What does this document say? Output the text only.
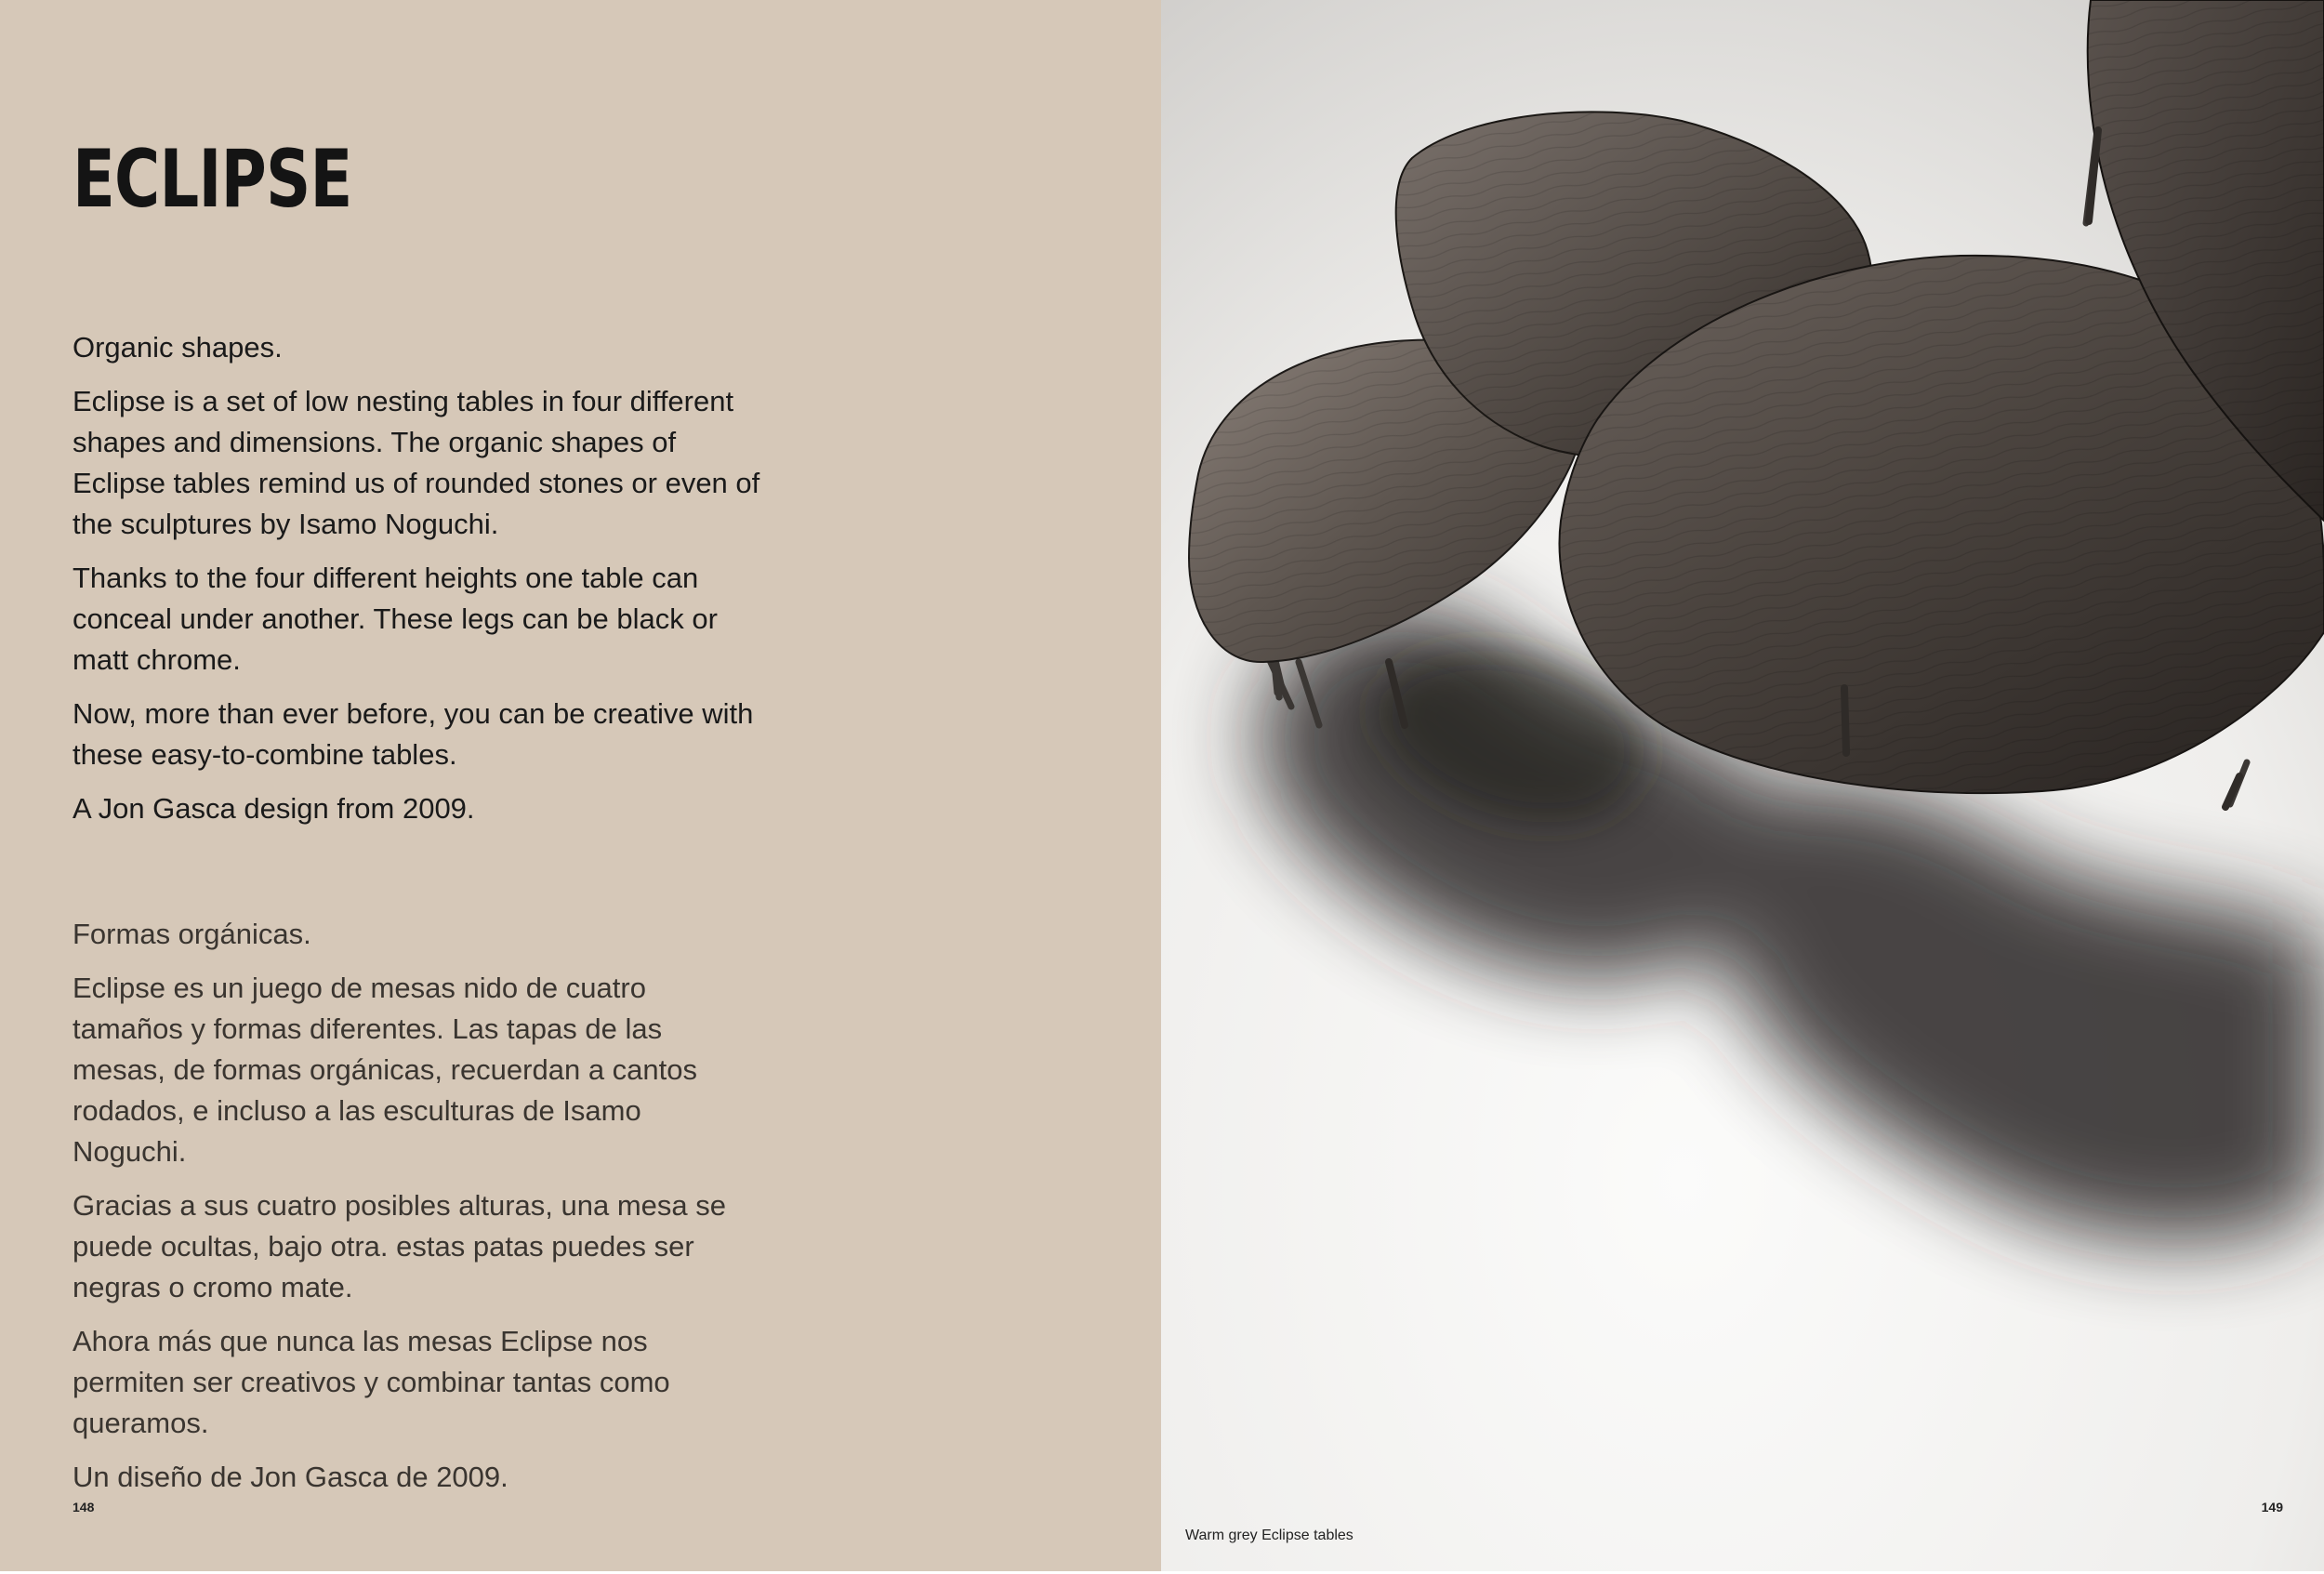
ECLIPSE

Organic shapes.

Eclipse is a set of low nesting tables in four different shapes and dimensions. The organic shapes of Eclipse tables remind us of rounded stones or even of the sculptures by Isamo Noguchi.

Thanks to the four different heights one table can conceal under another. These legs can be black or matt chrome.

Now, more than ever before, you can be creative with these easy-to-combine tables.

A Jon Gasca design from 2009.

Formas orgánicas.

Eclipse es un juego de mesas nido de cuatro tamaños y formas diferentes. Las tapas de las mesas, de formas orgánicas, recuerdan a cantos rodados, e incluso a las esculturas de Isamo Noguchi.

Gracias a sus cuatro posibles alturas, una mesa se puede ocultas, bajo otra. estas patas puedes ser negras o cromo mate.

Ahora más que nunca las mesas Eclipse nos permiten ser creativos y combinar tantas como queramos.

Un diseño de Jon Gasca de 2009.

148
Warm grey Eclipse tables
149
